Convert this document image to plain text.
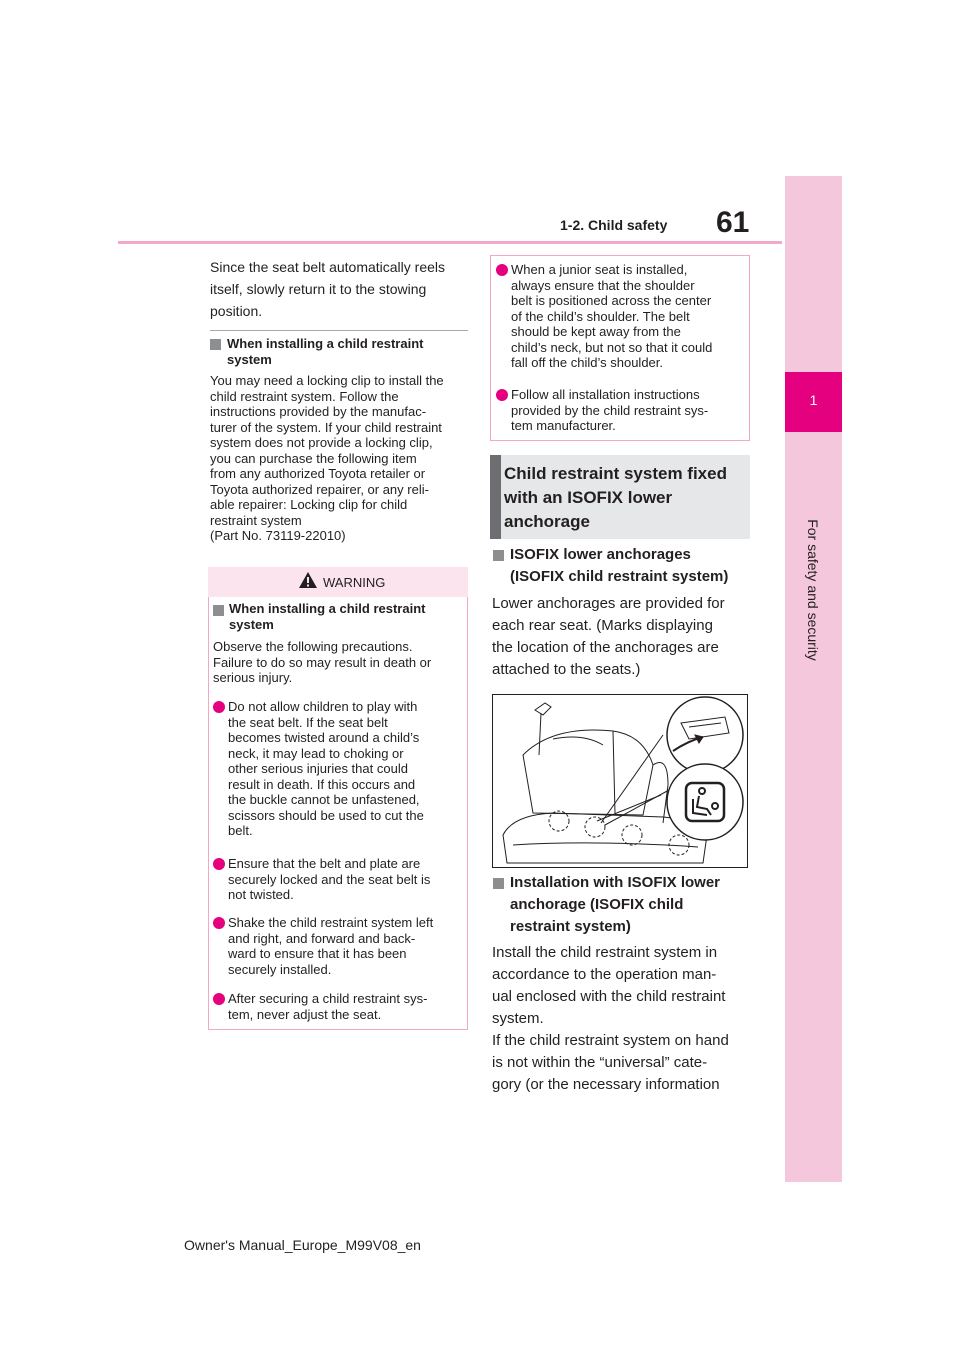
1-2. Child safety 61
1
For safety and security
Since the seat belt automatically reels
itself, slowly return it to the stowing
position.
When installing a child restraint
system
You may need a locking clip to install the
child restraint system. Follow the
instructions provided by the manufac-
turer of the system. If your child restraint
system does not provide a locking clip,
you can purchase the following item
from any authorized Toyota retailer or
Toyota authorized repairer, or any reli-
able repairer: Locking clip for child
restraint system
(Part No. 73119-22010)
WARNING
When installing a child restraint
system
Observe the following precautions.
Failure to do so may result in death or
serious injury.
Do not allow children to play with
the seat belt. If the seat belt
becomes twisted around a child’s
neck, it may lead to choking or
other serious injuries that could
result in death. If this occurs and
the buckle cannot be unfastened,
scissors should be used to cut the
belt.
Ensure that the belt and plate are
securely locked and the seat belt is
not twisted.
Shake the child restraint system left
and right, and forward and back-
ward to ensure that it has been
securely installed.
After securing a child restraint sys-
tem, never adjust the seat.
When a junior seat is installed,
always ensure that the shoulder
belt is positioned across the center
of the child’s shoulder. The belt
should be kept away from the
child’s neck, but not so that it could
fall off the child’s shoulder.
Follow all installation instructions
provided by the child restraint sys-
tem manufacturer.
Child restraint system fixed
with an ISOFIX lower
anchorage
ISOFIX lower anchorages
(ISOFIX child restraint system)
Lower anchorages are provided for
each rear seat. (Marks displaying
the location of the anchorages are
attached to the seats.)
Installation with ISOFIX lower
anchorage (ISOFIX child
restraint system)
Install the child restraint system in
accordance to the operation man-
ual enclosed with the child restraint
system.
If the child restraint system on hand
is not within the “universal” cate-
gory (or the necessary information
Owner's Manual_Europe_M99V08_en
